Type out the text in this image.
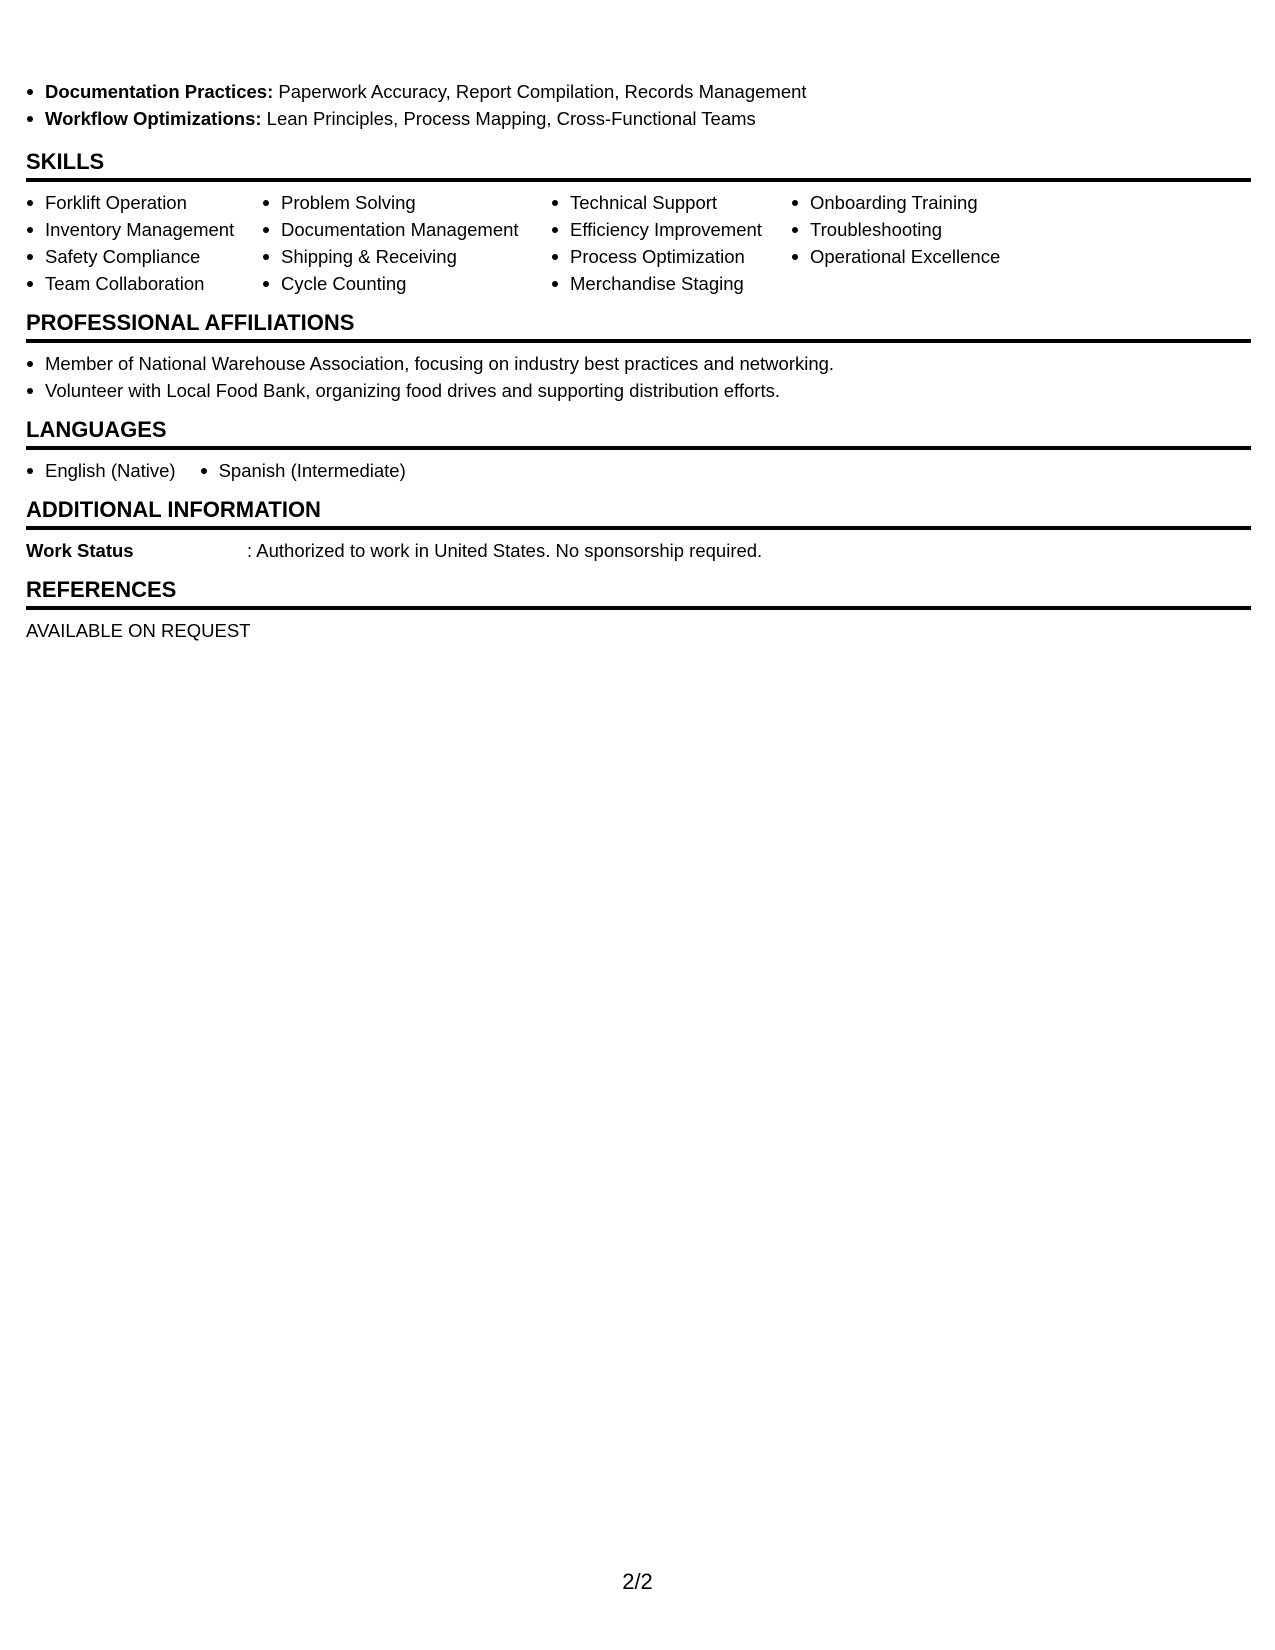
Documentation Practices: Paperwork Accuracy, Report Compilation, Records Management
Workflow Optimizations: Lean Principles, Process Mapping, Cross-Functional Teams
SKILLS
Forklift Operation
Inventory Management
Safety Compliance
Team Collaboration
Problem Solving
Documentation Management
Shipping & Receiving
Cycle Counting
Technical Support
Efficiency Improvement
Process Optimization
Merchandise Staging
Onboarding Training
Troubleshooting
Operational Excellence
PROFESSIONAL AFFILIATIONS
Member of National Warehouse Association, focusing on industry best practices and networking.
Volunteer with Local Food Bank, organizing food drives and supporting distribution efforts.
LANGUAGES
English (Native)	Spanish (Intermediate)
ADDITIONAL INFORMATION
Work Status	: Authorized to work in United States. No sponsorship required.
REFERENCES
AVAILABLE ON REQUEST
2/2
